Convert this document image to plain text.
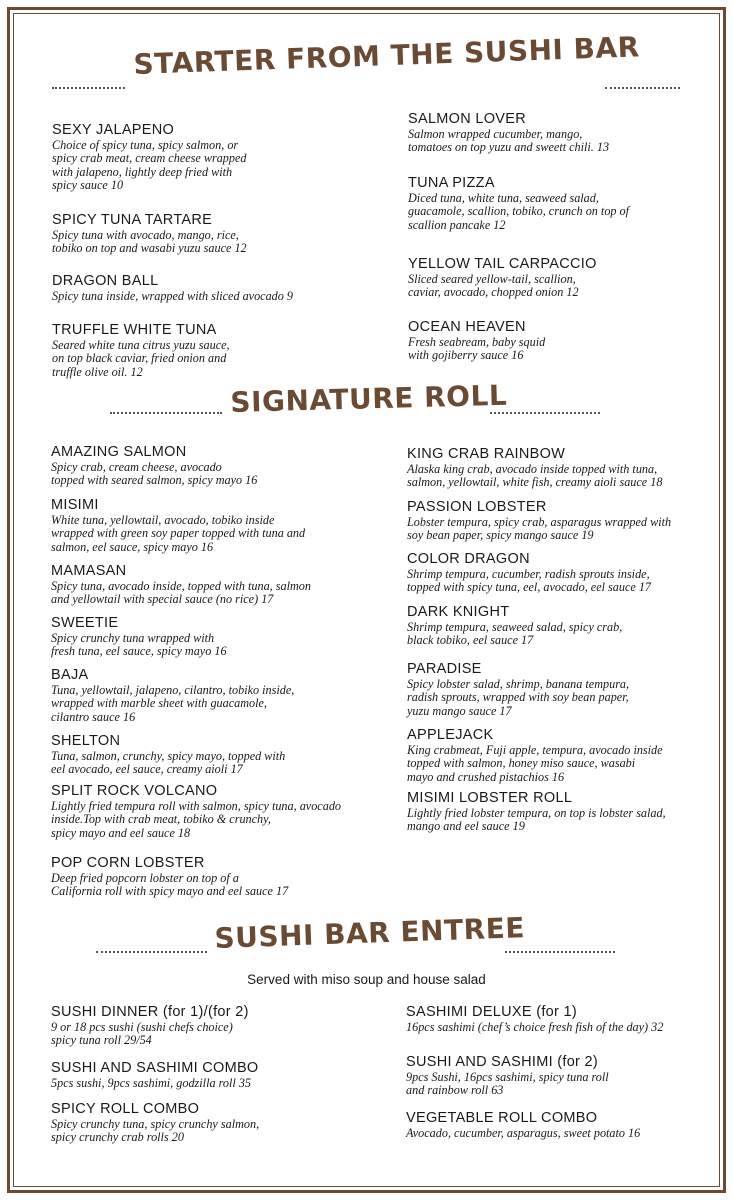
STARTER FROM THE SUSHI BAR
SEXY JALAPENO
Choice of spicy tuna, spicy salmon, or
spicy crab meat, cream cheese wrapped
with jalapeno, lightly deep fried with
spicy sauce 10
SPICY TUNA TARTARE
Spicy tuna with avocado, mango, rice,
tobiko on top and wasabi yuzu sauce 12
DRAGON BALL
Spicy tuna inside, wrapped with sliced avocado 9
TRUFFLE WHITE TUNA
Seared white tuna citrus yuzu sauce,
on top black caviar, fried onion and
truffle olive oil. 12
SALMON LOVER
Salmon wrapped cucumber, mango,
tomatoes on top yuzu and sweett chili. 13
TUNA PIZZA
Diced tuna, white tuna, seaweed salad,
guacamole, scallion, tobiko, crunch on top of
scallion pancake 12
YELLOW TAIL CARPACCIO
Sliced seared yellow-tail, scallion,
caviar, avocado, chopped onion 12
OCEAN HEAVEN
Fresh seabream, baby squid
with gojiberry sauce 16
SIGNATURE ROLL
AMAZING SALMON
Spicy crab, cream cheese, avocado
topped with seared salmon, spicy mayo 16
MISIMI
White tuna, yellowtail, avocado, tobiko inside
wrapped with green soy paper topped with tuna and
salmon, eel sauce, spicy mayo 16
MAMASAN
Spicy tuna, avocado inside, topped with tuna, salmon
and yellowtail with special sauce (no rice) 17
SWEETIE
Spicy crunchy tuna wrapped with
fresh tuna, eel sauce, spicy mayo 16
BAJA
Tuna, yellowtail, jalapeno, cilantro, tobiko inside,
wrapped with marble sheet with guacamole,
cilantro sauce 16
SHELTON
Tuna, salmon, crunchy, spicy mayo, topped with
eel avocado, eel sauce, creamy aioli 17
SPLIT ROCK VOLCANO
Lightly fried tempura roll with salmon, spicy tuna, avocado
inside.Top with crab meat, tobiko & crunchy,
spicy mayo and eel sauce 18
POP CORN LOBSTER
Deep fried popcorn lobster on top of a
California roll with spicy mayo and eel sauce 17
KING CRAB RAINBOW
Alaska king crab, avocado inside topped with tuna,
salmon, yellowtail, white fish, creamy aioli sauce 18
PASSION LOBSTER
Lobster tempura, spicy crab, asparagus wrapped with
soy bean paper, spicy mango sauce 19
COLOR DRAGON
Shrimp tempura, cucumber, radish sprouts inside,
topped with spicy tuna, eel, avocado, eel sauce 17
DARK KNIGHT
Shrimp tempura, seaweed salad, spicy crab,
black tobiko, eel sauce 17
PARADISE
Spicy lobster salad, shrimp, banana tempura,
radish sprouts, wrapped with soy bean paper,
yuzu mango sauce 17
APPLEJACK
King crabmeat, Fuji apple, tempura, avocado inside
topped with salmon, honey miso sauce, wasabi
mayo and crushed pistachios 16
MISIMI LOBSTER ROLL
Lightly fried lobster tempura, on top is lobster salad,
mango and eel sauce 19
SUSHI BAR ENTREE
Served with miso soup and house salad
SUSHI DINNER (for 1)/(for 2)
9 or 18 pcs sushi (sushi chefs choice)
spicy tuna roll 29/54
SUSHI AND SASHIMI COMBO
5pcs sushi, 9pcs sashimi, godzilla roll 35
SPICY ROLL COMBO
Spicy crunchy tuna, spicy crunchy salmon,
spicy crunchy crab rolls 20
SASHIMI DELUXE (for 1)
16pcs sashimi (chef’s choice fresh fish of the day) 32
SUSHI AND SASHIMI (for 2)
9pcs Sushi, 16pcs sashimi, spicy tuna roll
and rainbow roll 63
VEGETABLE ROLL COMBO
Avocado, cucumber, asparagus, sweet potato 16
